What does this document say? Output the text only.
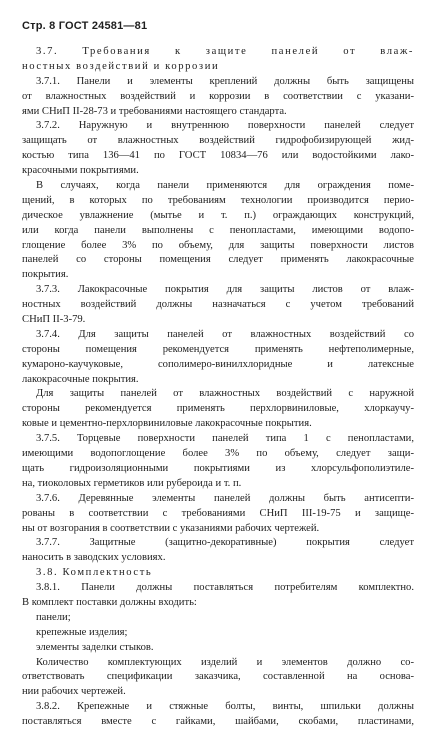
Стр. 8 ГОСТ 24581—81
3.7. Требования к защите панелей от влаж-
ностных воздействий и коррозии
3.7.1. Панели и элементы креплений должны быть защищены
от влажностных воздействий и коррозии в соответствии с указани-
ями СНиП II-28-73 и требованиями настоящего стандарта.
3.7.2. Наружную и внутреннюю поверхности панелей следует
защищать от влажностных воздействий гидрофобизирующей жид-
костью типа 136—41 по ГОСТ 10834—76 или водостойкими лако-
красочными покрытиями.
В случаях, когда панели применяются для ограждения поме-
щений, в которых по требованиям технологии производится перио-
дическое увлажнение (мытье и т. п.) ограждающих конструкций,
или когда панели выполнены с пенопластами, имеющими водопо-
глощение более 3% по объему, для защиты поверхности листов
панелей со стороны помещения следует применять лакокрасочные
покрытия.
3.7.3. Лакокрасочные покрытия для защиты листов от влаж-
ностных воздействий должны назначаться с учетом требований
СНиП II-3-79.
3.7.4. Для защиты панелей от влажностных воздействий со
стороны помещения рекомендуется применять нефтеполимерные,
кумароно-каучуковые, сополимеро-винилхлоридные и латексные
лакокрасочные покрытия.
Для защиты панелей от влажностных воздействий с наружной
стороны рекомендуется применять перхлорвиниловые, хлоркаучу-
ковые и цементно-перхлорвиниловые лакокрасочные покрытия.
3.7.5. Торцевые поверхности панелей типа 1 с пенопластами,
имеющими водопоглощение более 3% по объему, следует защи-
щать гидроизоляционными покрытиями из хлорсульфополиэтиле-
на, тиоколовых герметиков или рубероида и т. п.
3.7.6. Деревянные элементы панелей должны быть антисепти-
рованы в соответствии с требованиями СНиП III-19-75 и защище-
ны от возгорания в соответствии с указаниями рабочих чертежей.
3.7.7. Защитные (защитно-декоративные) покрытия следует
наносить в заводских условиях.
3.8. Комплектность
3.8.1. Панели должны поставляться потребителям комплектно.
В комплект поставки должны входить:
панели;
крепежные изделия;
элементы заделки стыков.
Количество комплектующих изделий и элементов должно со-
ответствовать спецификации заказчика, составленной на основа-
нии рабочих чертежей.
3.8.2. Крепежные и стяжные болты, винты, шпильки должны
поставляться вместе с гайками, шайбами, скобами, пластинами,
